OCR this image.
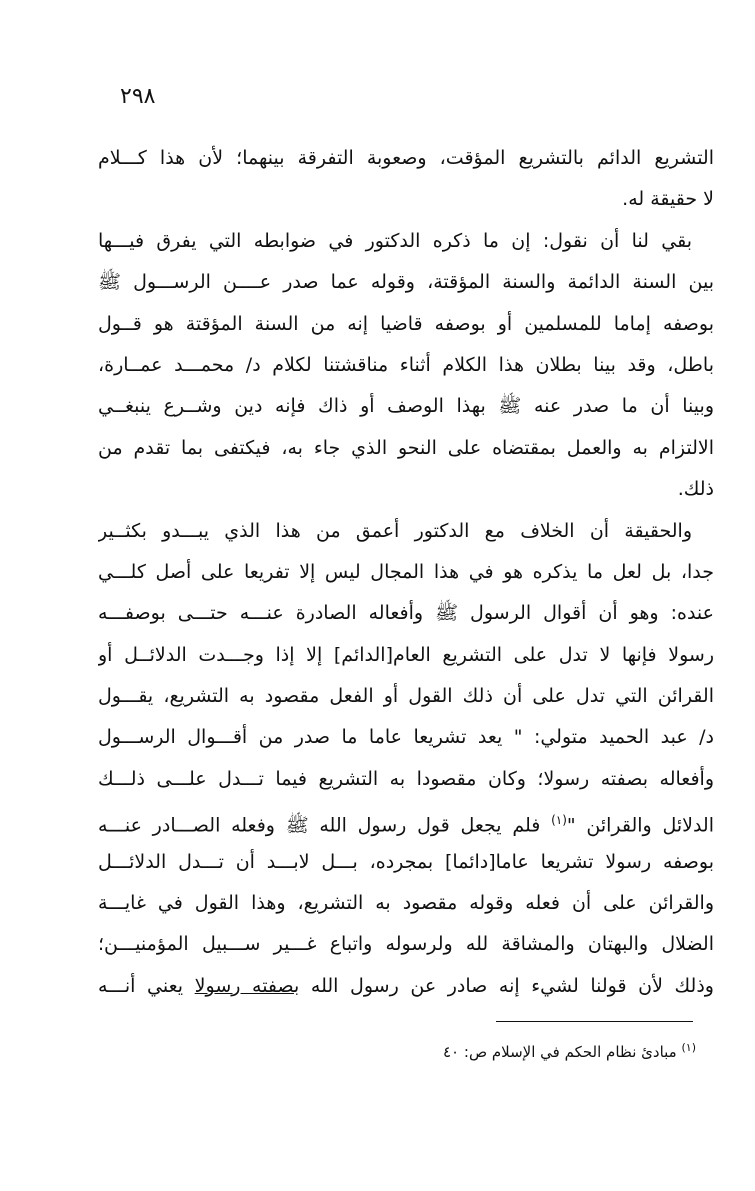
٢٩٨
التشريع الدائم بالتشريع المؤقت، وصعوبة التفرقة بينهما؛ لأن هذا كـــلام
لا حقيقة له.
بقي لنا أن نقول: إن ما ذكره الدكتور في ضوابطه التي يفرق فيـــها
بين السنة الدائمة والسنة المؤقتة، وقوله عما صدر عــــن الرســـول ﷺ
بوصفه إماما للمسلمين أو بوصفه قاضيا إنه من السنة المؤقتة هو قــول
باطل، وقد بينا بطلان هذا الكلام أثناء مناقشتنا لكلام د/ محمـــد عمــارة،
وبينا أن ما صدر عنه ﷺ بهذا الوصف أو ذاك فإنه دين وشــرع ينبغــي
الالتزام به والعمل بمقتضاه على النحو الذي جاء به، فيكتفى بما تقدم من
ذلك.
والحقيقة أن الخلاف مع الدكتور أعمق من هذا الذي يبـــدو بكثــير
جدا، بل لعل ما يذكره هو في هذا المجال ليس إلا تفريعا على أصل كلـــي
عنده: وهو أن أقوال الرسول ﷺ وأفعاله الصادرة عنـــه حتـــى بوصفـــه
رسولا فإنها لا تدل على التشريع العام[الدائم] إلا إذا وجـــدت الدلائــل أو
القرائن التي تدل على أن ذلك القول أو الفعل مقصود به التشريع، يقـــول
د/ عبد الحميد متولي: " يعد تشريعا عاما ما صدر من أقـــوال الرســـول
وأفعاله بصفته رسولا؛ وكان مقصودا به التشريع فيما تـــدل علـــى ذلـــك
الدلائل والقرائن "$^{(١)}$ فلم يجعل قول رسول الله ﷺ وفعله الصـــادر عنـــه
بوصفه رسولا تشريعا عاما[دائما] بمجرده، بـــل لابـــد أن تـــدل الدلائـــل
والقرائن على أن فعله وقوله مقصود به التشريع، وهذا القول في غايـــة
الضلال والبهتان والمشاقة لله ولرسوله واتباع غـــير ســـبيل المؤمنيـــن؛
وذلك لأن قولنا لشيء إنه صادر عن رسول الله بصفته رسولا يعني أنـــه
$^{(١)}$ مبادئ نظام الحكم في الإسلام ص: ٤٠
